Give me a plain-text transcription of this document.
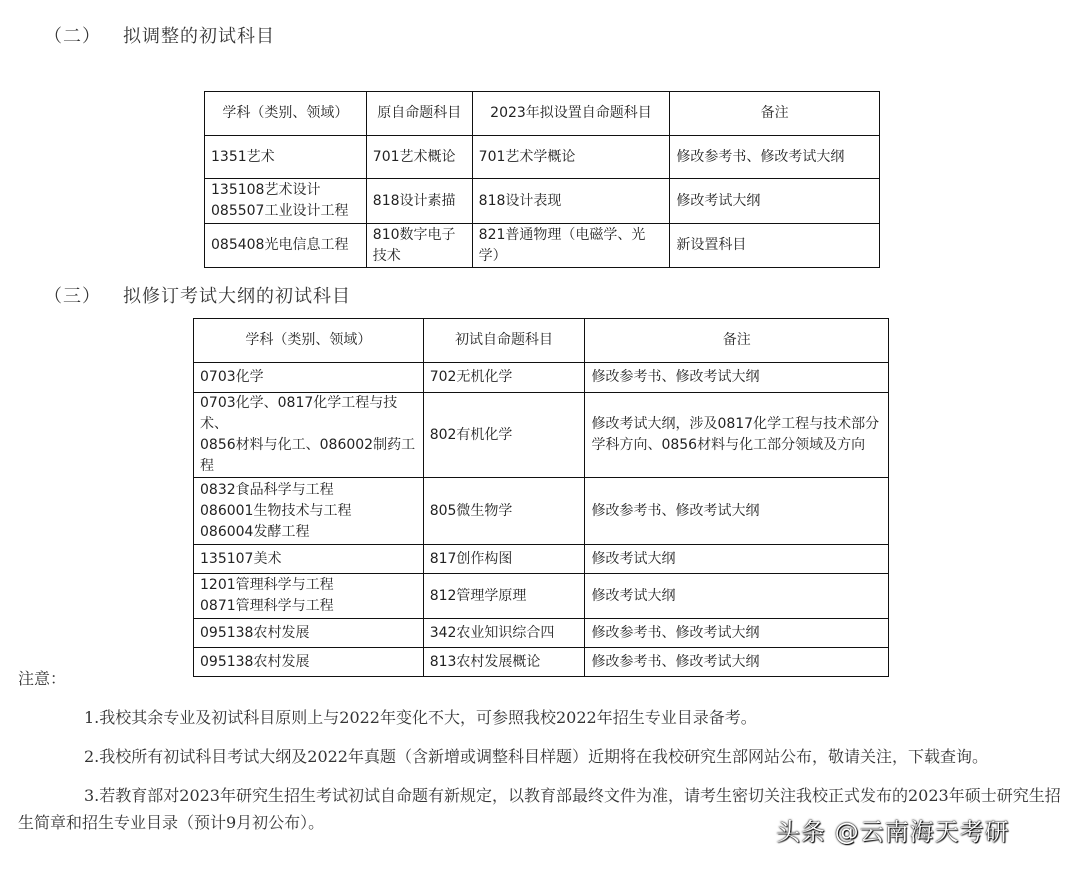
（二） 拟调整的初试科目
学科（类别、领域）	原自命题科目	2023年拟设置自命题科目	备注
1351艺术	701艺术概论	701艺术学概论	修改参考书、修改考试大纲
135108艺术设计
085507工业设计工程	818设计素描	818设计表现	修改考试大纲
085408光电信息工程	810数字电子技术	821普通物理（电磁学、光学）	新设置科目
（三） 拟修订考试大纲的初试科目
学科（类别、领域）	初试自命题科目	备注
0703化学	702无机化学	修改参考书、修改考试大纲
0703化学、0817化学工程与技术、
0856材料与化工、086002制药工程	802有机化学	修改考试大纲，涉及0817化学工程与技术部分学科方向、0856材料与化工部分领域及方向
0832食品科学与工程
086001生物技术与工程
086004发酵工程	805微生物学	修改参考书、修改考试大纲
135107美术	817创作构图	修改考试大纲
1201管理科学与工程
0871管理科学与工程	812管理学原理	修改考试大纲
095138农村发展	342农业知识综合四	修改参考书、修改考试大纲
095138农村发展	813农村发展概论	修改参考书、修改考试大纲
注意：

1.我校其余专业及初试科目原则上与2022年变化不大，可参照我校2022年招生专业目录备考。

2.我校所有初试科目考试大纲及2022年真题（含新增或调整科目样题）近期将在我校研究生部网站公布，敬请关注，下载查询。

3.若教育部对2023年研究生招生考试初试自命题有新规定，以教育部最终文件为准，请考生密切关注我校正式发布的2023年硕士研究生招生简章和招生专业目录（预计9月初公布）。	头条 @云南海天考研
